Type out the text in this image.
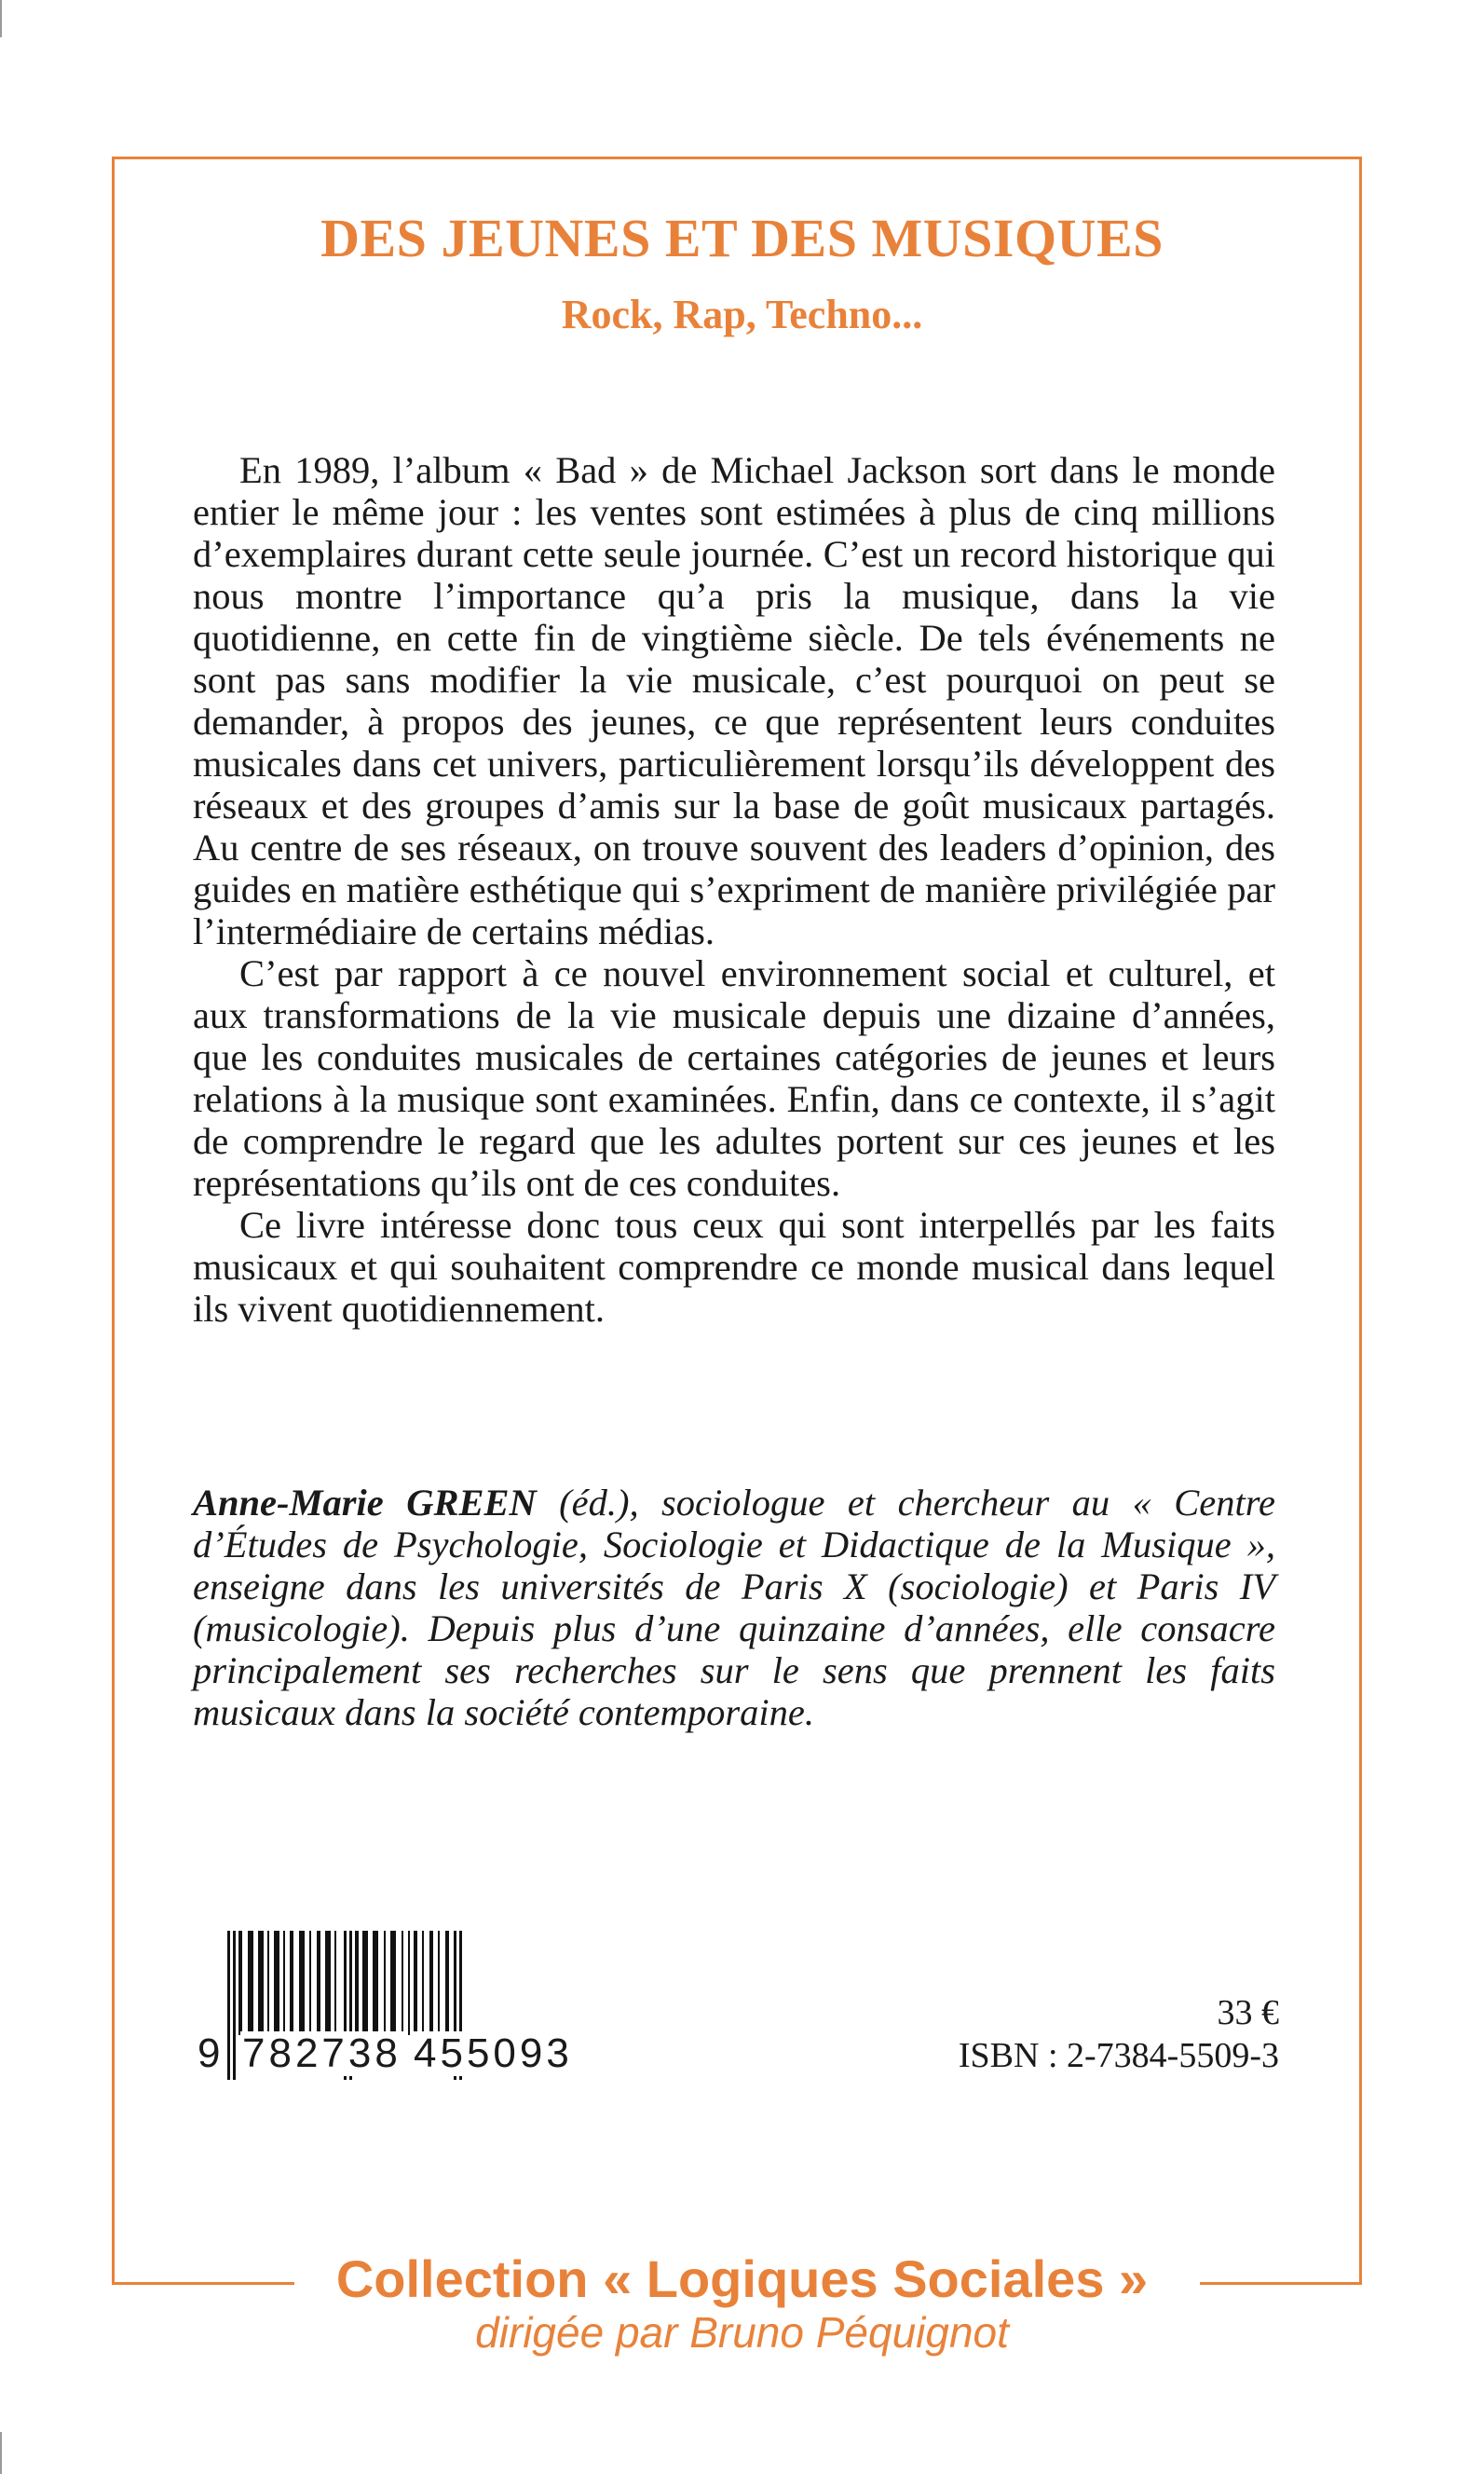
DES JEUNES ET DES MUSIQUES
Rock, Rap, Techno...

En 1989, l’album « Bad » de Michael Jackson sort dans le monde entier le même jour : les ventes sont estimées à plus de cinq millions d’exemplaires durant cette seule journée. C’est un record historique qui nous montre l’importance qu’a pris la musique, dans la vie quotidienne, en cette fin de vingtième siècle. De tels événements ne sont pas sans modifier la vie musicale, c’est pourquoi on peut se demander, à propos des jeunes, ce que représentent leurs conduites musicales dans cet univers, particulièrement lorsqu’ils développent des réseaux et des groupes d’amis sur la base de goût musicaux partagés. Au centre de ses réseaux, on trouve souvent des leaders d’opinion, des guides en matière esthétique qui s’expriment de manière privilégiée par l’intermédiaire de certains médias.

C’est par rapport à ce nouvel environnement social et culturel, et aux transformations de la vie musicale depuis une dizaine d’années, que les conduites musicales de certaines catégories de jeunes et leurs relations à la musique sont examinées. Enfin, dans ce contexte, il s’agit de comprendre le regard que les adultes portent sur ces jeunes et les représentations qu’ils ont de ces conduites.

Ce livre intéresse donc tous ceux qui sont interpellés par les faits musicaux et qui souhaitent comprendre ce monde musical dans lequel ils vivent quotidiennement.

Anne-Marie GREEN (éd.), sociologue et chercheur au « Centre d’Études de Psychologie, Sociologie et Didactique de la Musique », enseigne dans les universités de Paris X (sociologie) et Paris IV (musicologie). Depuis plus d’une quinzaine d’années, elle consacre principalement ses recherches sur le sens que prennent les faits musicaux dans la société contemporaine.

9 782738 455093
33 €
ISBN : 2-7384-5509-3
Collection « Logiques Sociales »
dirigée par Bruno Péquignot
